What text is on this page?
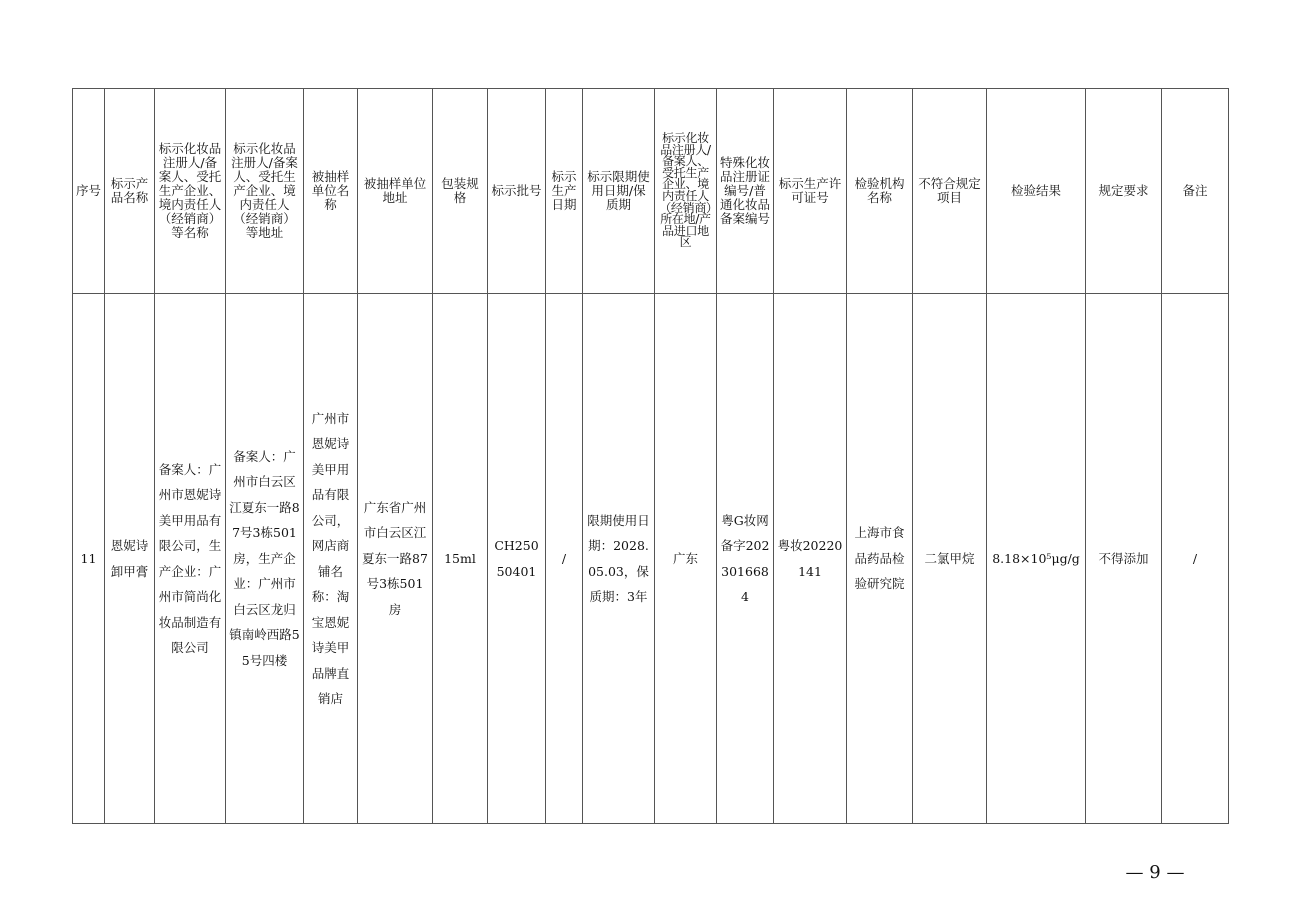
序号	标示产品名称	标示化妆品注册人/备案人、受托生产企业、境内责任人（经销商）等名称	标示化妆品注册人/备案人、受托生产企业、境内责任人（经销商）等地址	被抽样单位名称	被抽样单位地址	包装规格	标示批号	标示生产日期	标示限期使用日期/保质期	标示化妆品注册人/备案人、受托生产企业、境内责任人（经销商）所在地/产品进口地区	特殊化妆品注册证编号/普通化妆品备案编号	标示生产许可证号	检验机构名称	不符合规定项目	检验结果	规定要求	备注
11	恩妮诗卸甲膏	备案人：广州市恩妮诗美甲用品有限公司，生产企业：广州市简尚化妆品制造有限公司	备案人：广州市白云区江夏东一路87号3栋501房，生产企业：广州市白云区龙归镇南岭西路55号四楼	广州市恩妮诗美甲用品有限公司，网店商铺名称：淘宝恩妮诗美甲品牌直销店	广东省广州市白云区江夏东一路87号3栋501房	15ml	CH25050401	/	限期使用日期：2028.05.03，保质期：3年	广东	粤G妆网备字2023016684	粤妆20220141	上海市食品药品检验研究院	二氯甲烷	8.18×10⁵μg/g	不得添加	/
— 9 —
